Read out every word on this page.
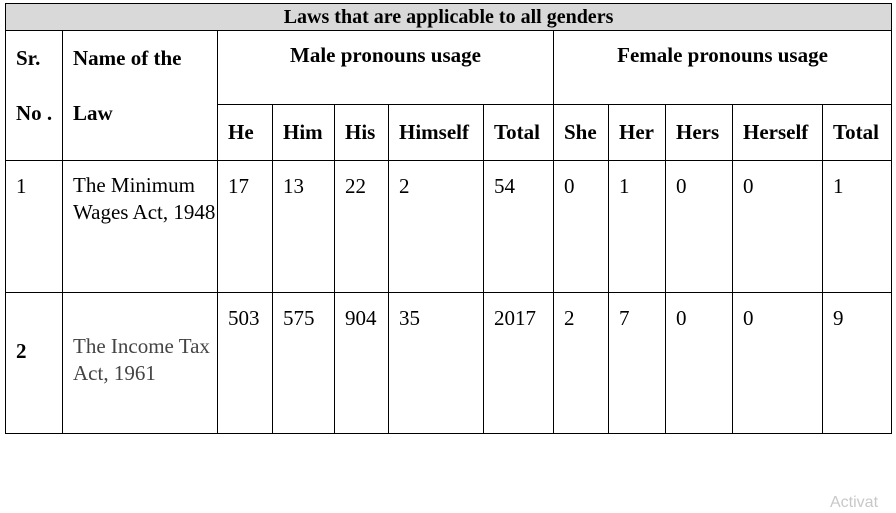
Laws that are applicable to all genders											
Sr. No .	Name of the Law	Male pronouns usage					Female pronouns usage				
		He	Him	His	Himself	Total	She	Her	Hers	Herself	Total
1	The Minimum Wages Act, 1948	17	13	22	2	54	0	1	0	0	1
2	The Income Tax Act, 1961	503	575	904	35	2017	2	7	0	0	9
Activat
